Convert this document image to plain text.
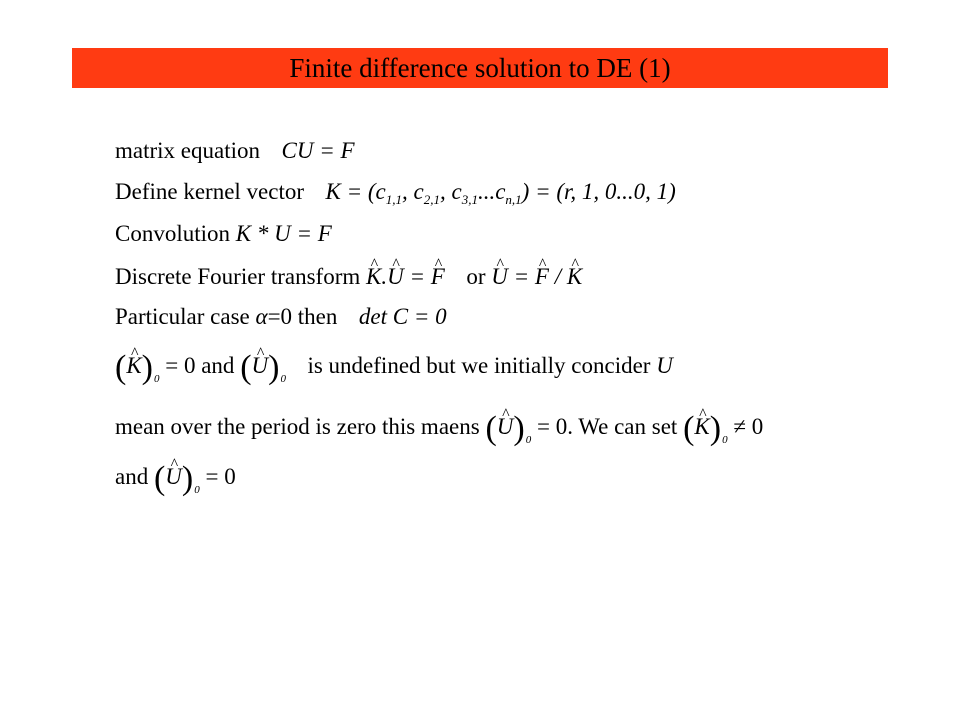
Finite difference solution to DE (1)
matrix equation CU = F
Define kernel vector $K = (c_{1,1}$, $c_{2,1}$, $c_{3,1}...c_{n,1}) = (r$, 1, 0...0, 1)
Convolution K * U = F
Discrete Fourier transform ^ K.^ U = ^ F or ^ U = ^ F / ^ K
Particular case α=0 then det C = 0
(^ $K)_0 = 0$ and (^ $U)_0$  is undefined but we initially concider U
mean over the period is zero this maens (^ $U)_0 = 0$. We can set (^ $K)_0 \ne 0$
and (^ $U)_0 = 0$
